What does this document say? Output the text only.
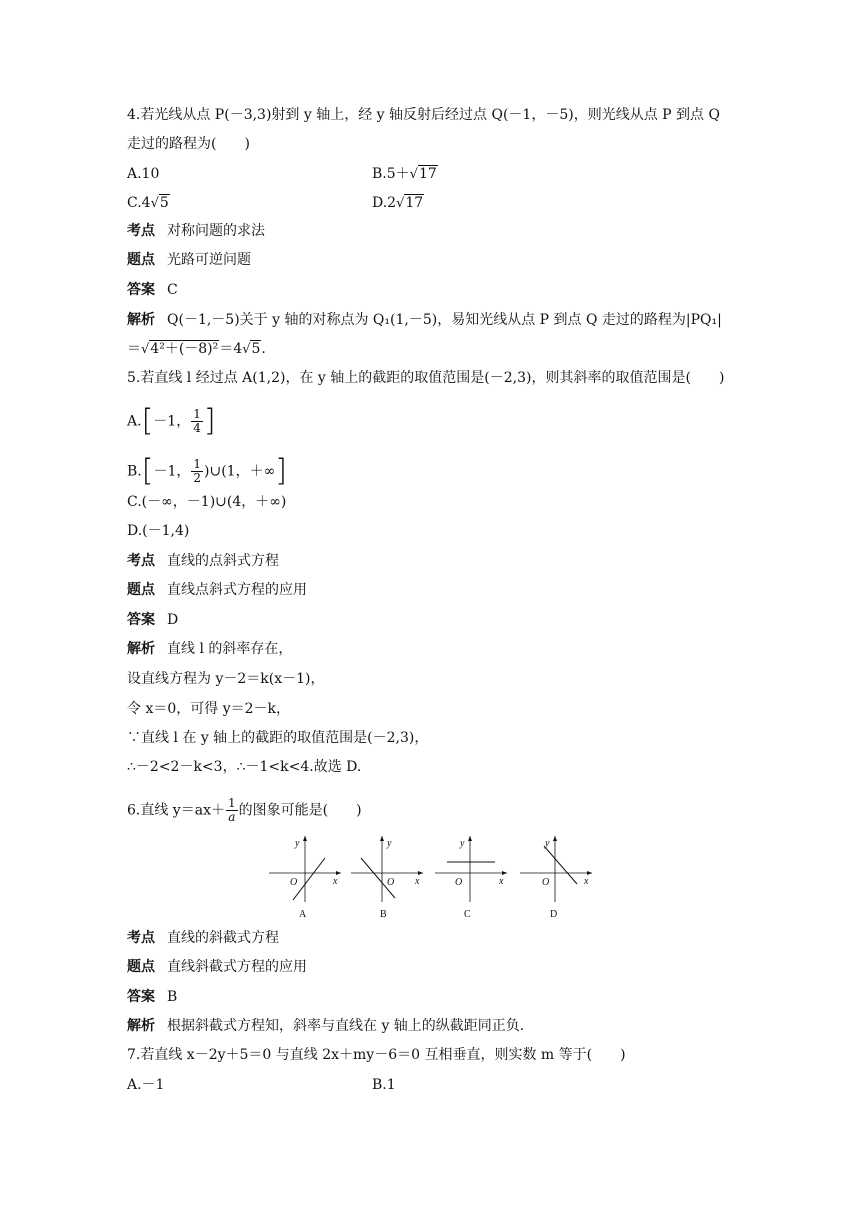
4.若光线从点 P(－3,3)射到 y 轴上，经 y 轴反射后经过点 Q(－1，－5)，则光线从点 P 到点 Q
走过的路程为(　　)
A.10	B.5＋√17
C.4√5	D.2√17
考点 对称问题的求法
题点 光路可逆问题
答案 C
解析 Q(－1,－5)关于 y 轴的对称点为 Q₁(1,－5)，易知光线从点 P 到点 Q 走过的路程为|PQ₁|
＝√4²＋(－8)²＝4√5.
5.若直线 l 经过点 A(1,2)，在 y 轴上的截距的取值范围是(－2,3)，则其斜率的取值范围是(　　)
A.[－1， $\frac{1}{4}$ ]
B.[－1， $\frac{1}{2}$ )∪(1，＋∞]
C.(－∞，－1)∪(4，＋∞)
D.(－1,4)
考点 直线的点斜式方程
题点 直线点斜式方程的应用
答案 D
解析 直线 l 的斜率存在，
设直线方程为 y－2＝k(x－1)，
令 x＝0，可得 y＝2－k，
∵直线 l 在 y 轴上的截距的取值范围是(－2,3)，
∴－2<2－k<3，∴－1<k<4.故选 D.
6.直线 $y=ax+ \frac{1}{a}$ 的图象可能是(　　)
y
O	x
A
y
O x
B
y
O	x
C
y
O	x
D
考点 直线的斜截式方程
题点 直线斜截式方程的应用
答案 B
解析 根据斜截式方程知，斜率与直线在 y 轴上的纵截距同正负.
7.若直线 x－2y＋5＝0 与直线 2x＋my－6＝0 互相垂直，则实数 m 等于(　　)
A.－1	B.1
